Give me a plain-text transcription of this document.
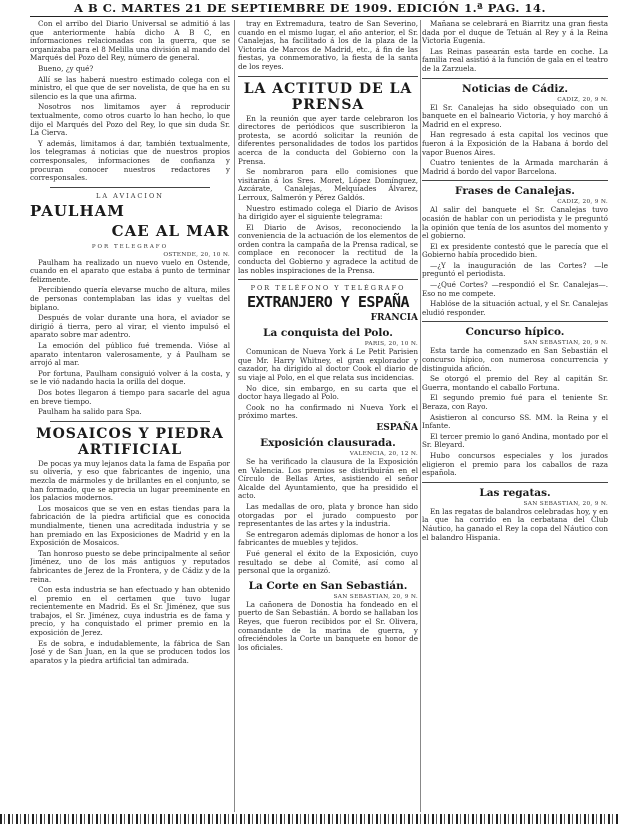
A B C. MARTES 21 DE SEPTIEMBRE DE 1909. EDICIÓN 1.ª PAG. 14.

Con el arribo del Diario Universal se admitió á las que anteriormente había dicho A B C, en informaciones relacionadas con la guerra, que se organizaba para el 8 Melilla una división al mando del Marqués del Pozo del Rey, número de general.

Bueno, ¿y qué?

Allí se las haberá nuestro estimado colega con el ministro, el que que de ser novelista, de que ha en su silencio es la que una afirma.

Nosotros nos limitamos ayer á reproducir textualmente, como otros cuarto lo han hecho, lo que dijo el Marqués del Pozo del Rey, lo que sin duda Sr. La Cierva.

Y además, limitamos á dar, también textualmente, los telegramas á noticias que de nuestros propios corresponsales, informaciones de confianza y procuran conocer nuestros redactores y corresponsales.

LA AVIACION
PAULHAM
CAE AL MAR
POR TELEGRAFO
OSTENDE, 20, 10 N.

Paulham ha realizado un nuevo vuelo en Ostende, cuando en el aparato que estaba á punto de terminar felizmente.

Percibiendo quería elevarse mucho de altura, miles de personas contemplaban las idas y vueltas del biplano.

Después de volar durante una hora, el aviador se dirigió á tierra, pero al virar, el viento impulsó el aparato sobre mar adentro.

La emoción del público fué tremenda. Vióse al aparato intentaron valerosamente, y á Paulham se arrojó al mar.

Por fortuna, Paulham consiguió volver á la costa, y se le vió nadando hacia la orilla del doque.

Dos botes llegaron á tiempo para sacarle del agua en breve tiempo.

Paulham ha salido para Spa.

MOSAICOS Y PIEDRA ARTIFICIAL

De pocas ya muy lejanos data la fama de España por su olivería, y eso que fabricantes de ingenio, una mezcla de mármoles y de brillantes en el conjunto, se han formado, que se aprecia un lugar preeminente en los palacios modernos.

Los mosaicos que se ven en estas tiendas para la fabricación de la piedra artificial que es conocida mundialmente, tienen una acreditada industria y se han premiado en las Exposiciones de Madrid y en la Exposición de Mosaicos.

Tan honroso puesto se debe principalmente al señor Jiménez, uno de los más antiguos y reputados fabricantes de Jerez de la Frontera, y de Cádiz y de la reina.

Con esta industria se han efectuado y han obtenido el premio en el certamen que tuvo lugar recientemente en Madrid. Es el Sr. Jiménez, que sus trabajos, el Sr. Jiménez, cuya industria es de fama y precio, y ha conquistado el primer premio en la exposición de Jerez.

Es de sobra, e indudablemente, la fábrica de San José y de San Juan, en la que se producen todos los aparatos y la piedra artificial tan admirada.

tray en Extremadura, teatro de San Severino, cuando en el mismo lugar, el año anterior, el Sr. Canalejas, ha facilitado á los de la plaza de la Victoria de Marcos de Madrid, etc., á fin de las fiestas, ya conmemorativo, la fiesta de la santa de los reyes.

LA ACTITUD DE LA PRENSA

En la reunión que ayer tarde celebraron los directores de periódicos que suscribieron la protesta, se acordó solicitar la reunión de diferentes personalidades de todos los partidos acerca de la conducta del Gobierno con la Prensa.

Se nombraron para ello comisiones que visitarán á los Sres. Moret, López Domínguez, Azcárate, Canalejas, Melquíades Álvarez, Lerroux, Salmerón y Pérez Galdós.

Nuestro estimado colega el Diario de Avisos ha dirigido ayer el siguiente telegrama:

El Diario de Avisos, reconociendo la conveniencia de la actuación de los elementos de orden contra la campaña de la Prensa radical, se complace en reconocer la rectitud de la conducta del Gobierno y agradece la actitud de las nobles inspiraciones de la Prensa.

POR TELÉFONO Y TELÉGRAFO
EXTRANJERO Y ESPAÑA
FRANCIA
La conquista del Polo.
PARIS, 20, 10 N.

Comunican de Nueva York á Le Petit Parisien que Mr. Harry Whitney, el gran explorador y cazador, ha dirigido al doctor Cook el diario de su viaje al Polo, en el que relata sus incidencias.

No dice, sin embargo, en su carta que el doctor haya llegado al Polo.

Cook no ha confirmado ni Nueva York el próximo martes.

ESPAÑA
Exposición clausurada.
VALENCIA, 20, 12 N.

Se ha verificado la clausura de la Exposición en Valencia. Los premios se distribuirán en el Círculo de Bellas Artes, asistiendo el señor Alcalde del Ayuntamiento, que ha presidido el acto.

Las medallas de oro, plata y bronce han sido otorgadas por el jurado compuesto por representantes de las artes y la industria.

Se entregaron además diplomas de honor a los fabricantes de muebles y tejidos.

Fué general el éxito de la Exposición, cuyo resultado se debe al Comité, así como al personal que la organizó.

La Corte en San Sebastián.
SAN SEBASTIAN, 20, 9 N.

La cañonera de Donostia ha fondeado en el puerto de San Sebastián. A bordo se hallaban los Reyes, que fueron recibidos por el Sr. Olivera, comandante de la marina de guerra, y ofreciéndoles la Corte un banquete en honor de los oficiales.

Mañana se celebrará en Biarritz una gran fiesta dada por el duque de Tetuán al Rey y á la Reina Victoria Eugenia.

Las Reinas pasearán esta tarde en coche. La familia real asistió á la función de gala en el teatro de la Zarzuela.

Noticias de Cádiz.
CADIZ, 20, 9 N.

El Sr. Canalejas ha sido obsequiado con un banquete en el balneario Victoria, y hoy marchó á Madrid en el expreso.

Han regresado á esta capital los vecinos que fueron á la Exposición de la Habana á bordo del vapor Buenos Aires.

Cuatro tenientes de la Armada marcharán á Madrid á bordo del vapor Barcelona.

Frases de Canalejas.
CADIZ, 20, 9 N.

Al salir del banquete el Sr. Canalejas tuvo ocasión de hablar con un periodista y le preguntó la opinión que tenía de los asuntos del momento y el gobierno.

El ex presidente contestó que le parecía que el Gobierno había procedido bien.

—¿Y la inauguración de las Cortes? —le preguntó el periodista.

—¿Qué Cortes? —respondió el Sr. Canalejas—. Eso no me compete.

Hablóse de la situación actual, y el Sr. Canalejas eludió responder.

Concurso hípico.
SAN SEBASTIAN, 20, 9 N.

Esta tarde ha comenzado en San Sebastián el concurso hípico, con numerosa concurrencia y distinguida afición.

Se otorgó el premio del Rey al capitán Sr. Guerra, montando el caballo Fortuna.

El segundo premio fué para el teniente Sr. Beraza, con Rayo.

Asistieron al concurso SS. MM. la Reina y el Infante.

El tercer premio lo ganó Andina, montado por el Sr. Bleyard.

Hubo concursos especiales y los jurados eligieron el premio para los caballos de raza española.

Las regatas.
SAN SEBASTIAN, 20, 9 N.

En las regatas de balandros celebradas hoy, y en la que ha corrido en la cerbatana del Club Náutico, ha ganado el Rey la copa del Náutico con el balandro Hispania.
